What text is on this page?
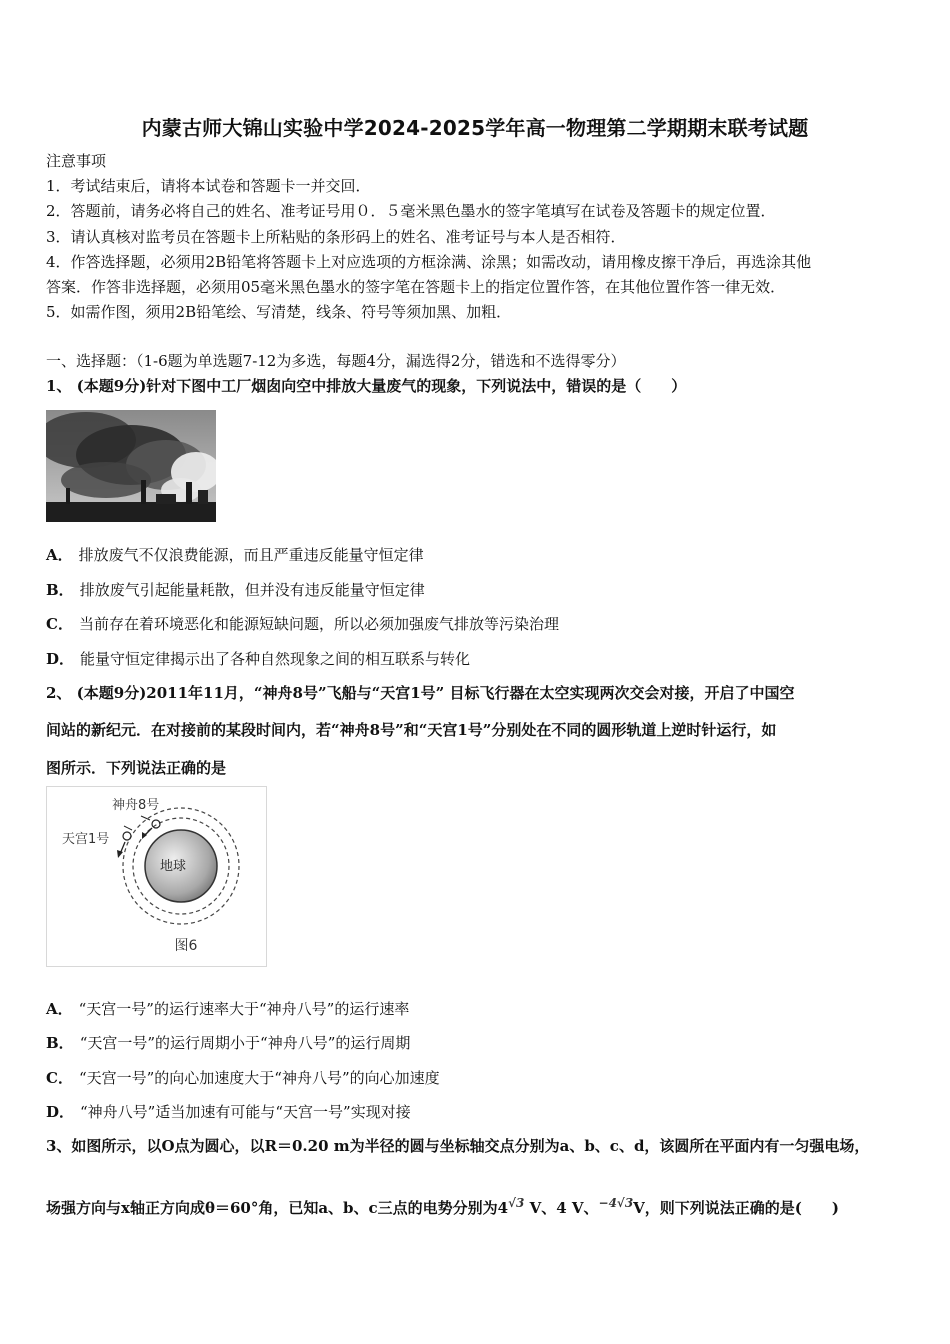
内蒙古师大锦山实验中学2024-2025学年高一物理第二学期期末联考试题
注意事项
1．考试结束后，请将本试卷和答题卡一并交回．
2．答题前，请务必将自己的姓名、准考证号用０．５毫米黑色墨水的签字笔填写在试卷及答题卡的规定位置．
3．请认真核对监考员在答题卡上所粘贴的条形码上的姓名、准考证号与本人是否相符．
4．作答选择题，必须用2B铅笔将答题卡上对应选项的方框涂满、涂黑；如需改动，请用橡皮擦干净后，再选涂其他
答案．作答非选择题，必须用05毫米黑色墨水的签字笔在答题卡上的指定位置作答，在其他位置作答一律无效．
5．如需作图，须用2B铅笔绘、写清楚，线条、符号等须加黑、加粗．
一、选择题：（1-6题为单选题7-12为多选，每题4分，漏选得2分，错选和不选得零分）
1、 (本题9分)针对下图中工厂烟囱向空中排放大量废气的现象，下列说法中，错误的是（　　）
A． 排放废气不仅浪费能源，而且严重违反能量守恒定律
B． 排放废气引起能量耗散，但并没有违反能量守恒定律
C． 当前存在着环境恶化和能源短缺问题，所以必须加强废气排放等污染治理
D． 能量守恒定律揭示出了各种自然现象之间的相互联系与转化
2、 (本题9分)2011年11月，“神舟8号”飞船与“天宫1号” 目标飞行器在太空实现两次交会对接，开启了中国空
间站的新纪元．在对接前的某段时间内，若“神舟8号”和“天宫1号”分别处在不同的圆形轨道上逆时针运行，如
图所示．下列说法正确的是
地球
神舟8号
天宫1号
图6
A． “天宫一号”的运行速率大于“神舟八号”的运行速率
B． “天宫一号”的运行周期小于“神舟八号”的运行周期
C． “天宫一号”的向心加速度大于“神舟八号”的向心加速度
D． “神舟八号”适当加速有可能与“天宫一号”实现对接
3、如图所示，以O点为圆心，以R＝0.20 m为半径的圆与坐标轴交点分别为a、b、c、d，该圆所在平面内有一匀强电场，
场强方向与x轴正方向成θ＝60°角，已知a、b、c三点的电势分别为$4^{√3}$ V、4 V、$^{-4√3}$V，则下列说法正确的是(　　)
